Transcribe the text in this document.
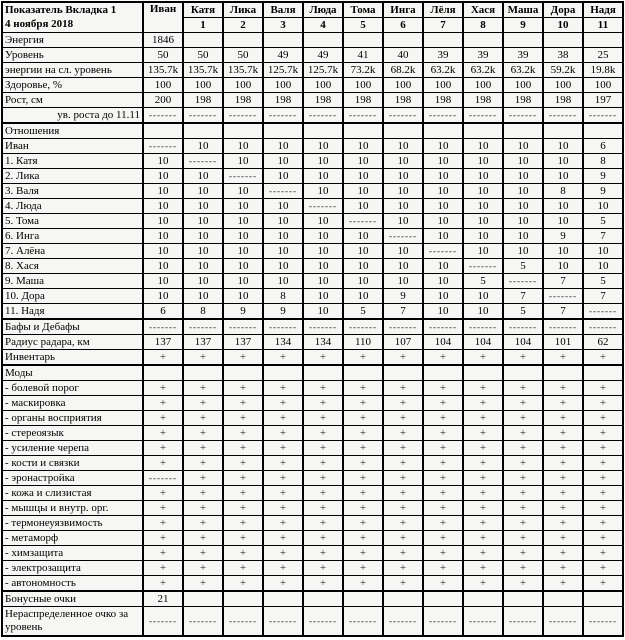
Показатель Вкладка 1
4 ноября 2018	Иван	Катя	Лика	Валя	Люда	Тома	Инга	Лёля	Хася	Маша	Дора	Надя
		1	2	3	4	5	6	7	8	9	10	11
Энергия	1846											
Уровень	50	50	50	49	49	41	40	39	39	39	38	25
энергии на сл. уровень	135.7k	135.7k	135.7k	125.7k	125.7k	73.2k	68.2k	63.2k	63.2k	63.2k	59.2k	19.8k
Здоровье, %	100	100	100	100	100	100	100	100	100	100	100	100
Рост, см	200	198	198	198	198	198	198	198	198	198	198	197
ув. роста до 11.11	-------	-------	-------	-------	-------	-------	-------	-------	-------	-------	-------	-------
Отношения												
Иван	-------	10	10	10	10	10	10	10	10	10	10	6
1. Катя	10	-------	10	10	10	10	10	10	10	10	10	8
2. Лика	10	10	-------	10	10	10	10	10	10	10	10	9
3. Валя	10	10	10	-------	10	10	10	10	10	10	8	9
4. Люда	10	10	10	10	-------	10	10	10	10	10	10	10
5. Тома	10	10	10	10	10	-------	10	10	10	10	10	5
6. Инга	10	10	10	10	10	10	-------	10	10	10	9	7
7. Алёна	10	10	10	10	10	10	10	-------	10	10	10	10
8. Хася	10	10	10	10	10	10	10	10	-------	5	10	10
9. Маша	10	10	10	10	10	10	10	10	5	-------	7	5
10. Дора	10	10	10	8	10	10	9	10	10	7	-------	7
11. Надя	6	8	9	9	10	5	7	10	10	5	7	-------
Бафы и Дебафы	-------	-------	-------	-------	-------	-------	-------	-------	-------	-------	-------	-------
Радиус радара, км	137	137	137	134	134	110	107	104	104	104	101	62
Инвентарь	+	+	+	+	+	+	+	+	+	+	+	+
Моды												
- болевой порог	+	+	+	+	+	+	+	+	+	+	+	+
- маскировка	+	+	+	+	+	+	+	+	+	+	+	+
- органы восприятия	+	+	+	+	+	+	+	+	+	+	+	+
- стереоязык	+	+	+	+	+	+	+	+	+	+	+	+
- усиление черепа	+	+	+	+	+	+	+	+	+	+	+	+
- кости и связки	+	+	+	+	+	+	+	+	+	+	+	+
- эронастройка	-------	+	+	+	+	+	+	+	+	+	+	+
- кожа и слизистая	+	+	+	+	+	+	+	+	+	+	+	+
- мышцы и внутр. орг.	+	+	+	+	+	+	+	+	+	+	+	+
- термонеуязвимость	+	+	+	+	+	+	+	+	+	+	+	+
- метаморф	+	+	+	+	+	+	+	+	+	+	+	+
- химзащита	+	+	+	+	+	+	+	+	+	+	+	+
- электрозащита	+	+	+	+	+	+	+	+	+	+	+	+
- автономность	+	+	+	+	+	+	+	+	+	+	+	+
Бонусные очки	21											
Нераспределенное очко за уровень	-------	-------	-------	-------	-------	-------	-------	-------	-------	-------	-------	-------
